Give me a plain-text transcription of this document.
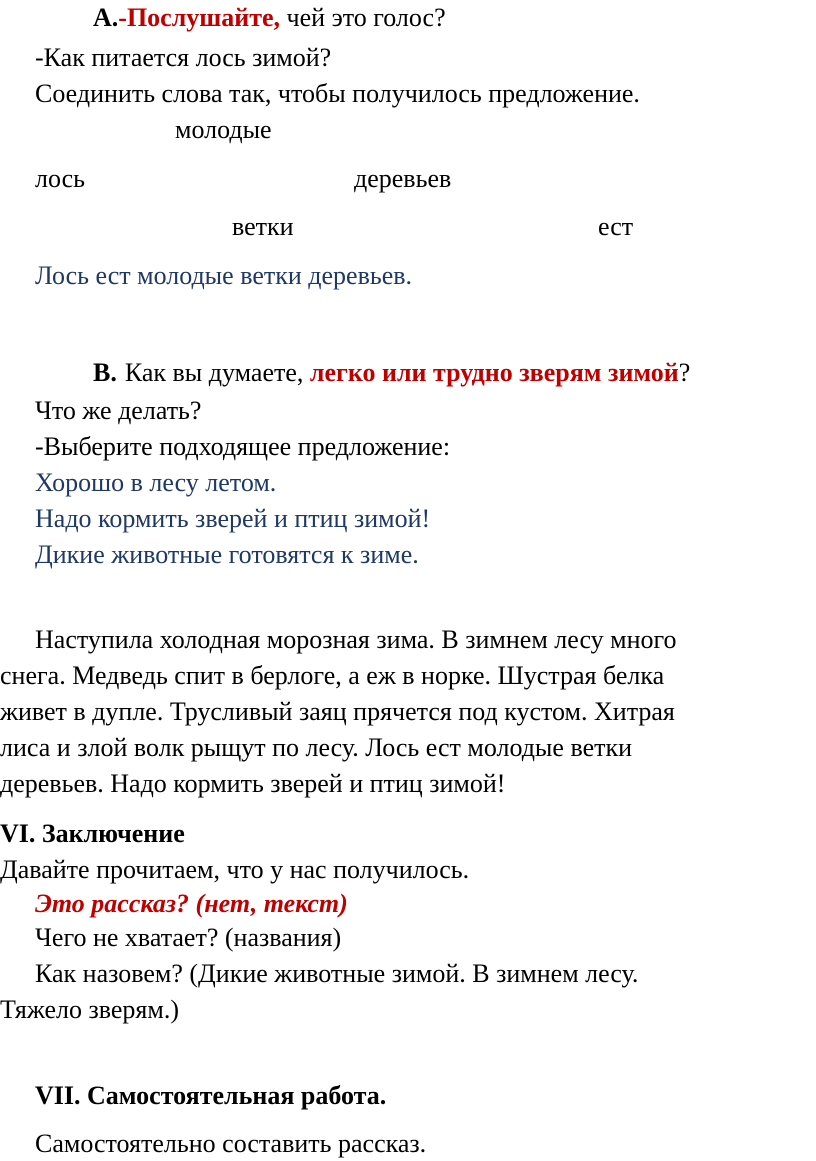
А.-Послушайте, чей это голос?

-Как питается лось зимой?

Соединить слова так, чтобы получилось предложение.

молодые

лось	деревьев

ветки	ест

Лось ест молодые ветки деревьев.

В. Как вы думаете, легко или трудно зверям зимой?

Что же делать?

-Выберите подходящее предложение:

Хорошо в лесу летом.

Надо кормить зверей и птиц зимой!

Дикие животные готовятся к зиме.

Наступила холодная морозная зима. В зимнем лесу много

снега. Медведь спит в берлоге, а еж в норке. Шустрая белка

живет в дупле. Трусливый заяц прячется под кустом. Хитрая

лиса и злой волк рыщут по лесу. Лось ест молодые ветки

деревьев. Надо кормить зверей и птиц зимой!

VI. Заключение

Давайте прочитаем, что у нас получилось.

Это рассказ? (нет, текст)

Чего не хватает? (названия)

Как назовем? (Дикие животные зимой. В зимнем лесу.

Тяжело зверям.)

VII. Самостоятельная работа.

Самостоятельно составить рассказ.
